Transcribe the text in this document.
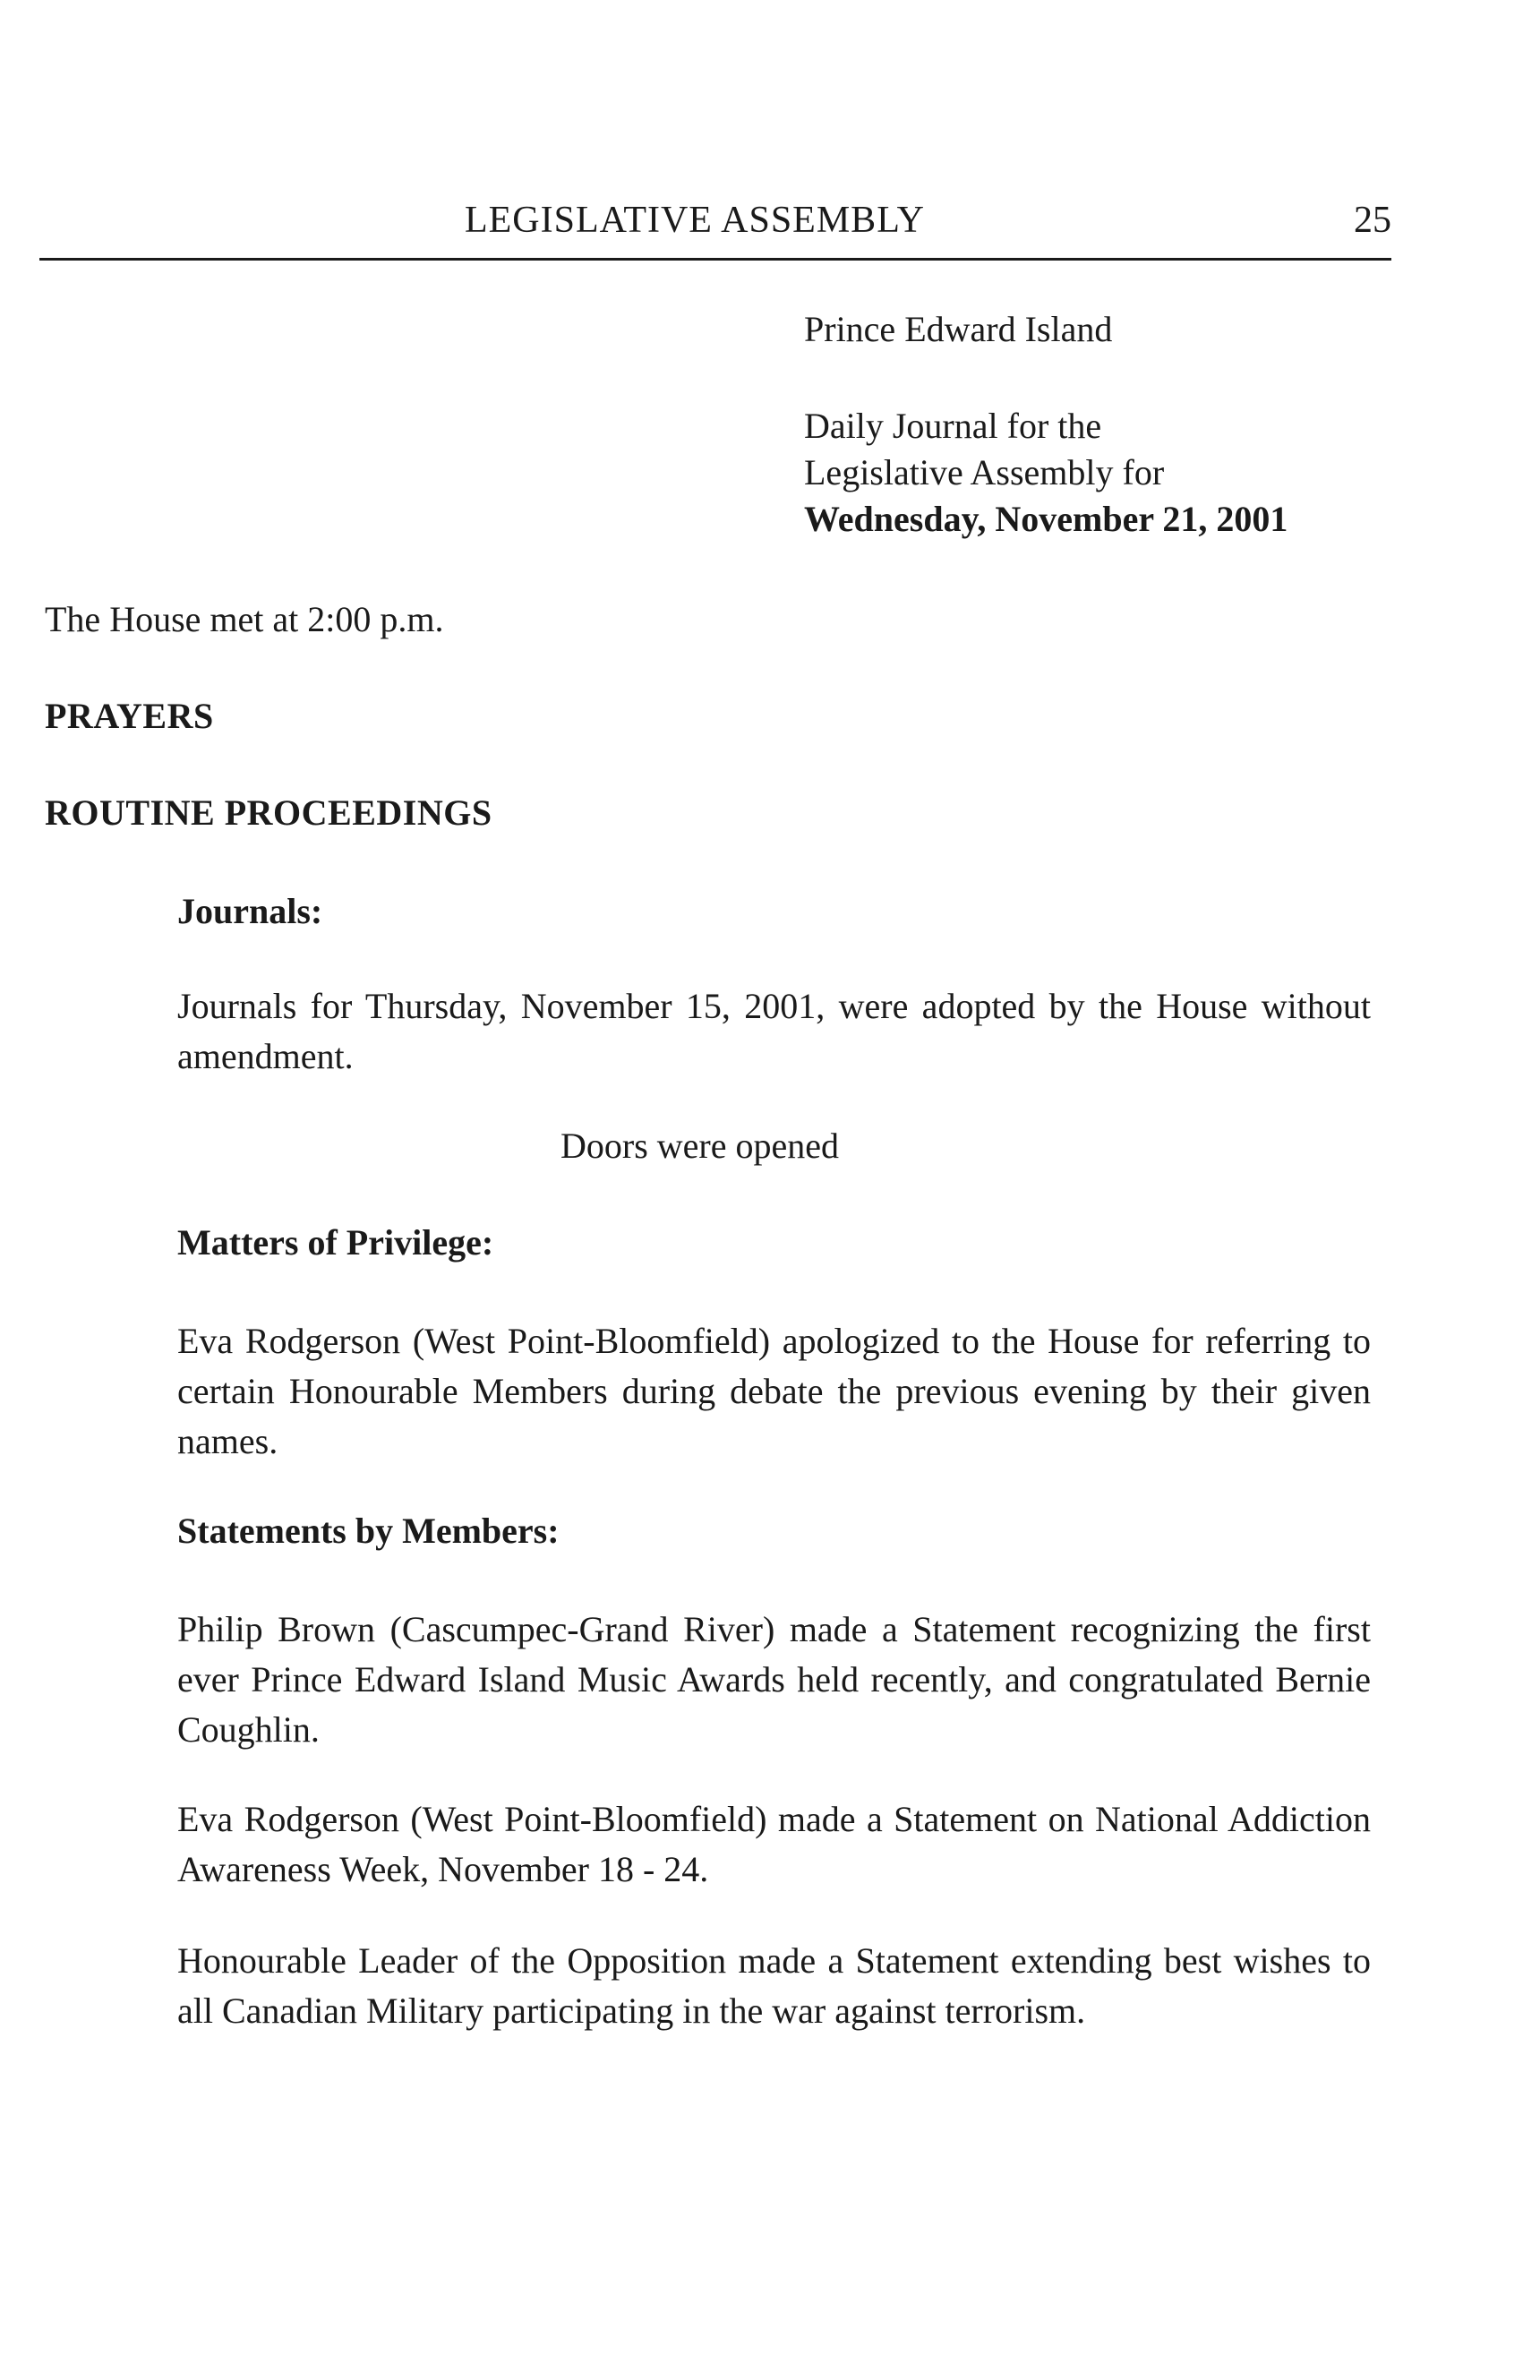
LEGISLATIVE ASSEMBLY	25
Prince Edward Island
Daily Journal for the
Legislative Assembly for
Wednesday, November 21, 2001
The House met at 2:00 p.m.
PRAYERS
ROUTINE PROCEEDINGS
Journals:
Journals for Thursday, November 15, 2001, were adopted by the House without amendment.
Doors were opened
Matters of Privilege:
Eva Rodgerson (West Point-Bloomfield) apologized to the House for referring to certain Honourable Members during debate the previous evening by their given names.
Statements by Members:
Philip Brown (Cascumpec-Grand River) made a Statement recognizing the first ever Prince Edward Island Music Awards held recently, and congratulated Bernie Coughlin.
Eva Rodgerson (West Point-Bloomfield) made a Statement on National Addiction Awareness Week, November 18 - 24.
Honourable Leader of the Opposition made a Statement extending best wishes to all Canadian Military participating in the war against terrorism.
